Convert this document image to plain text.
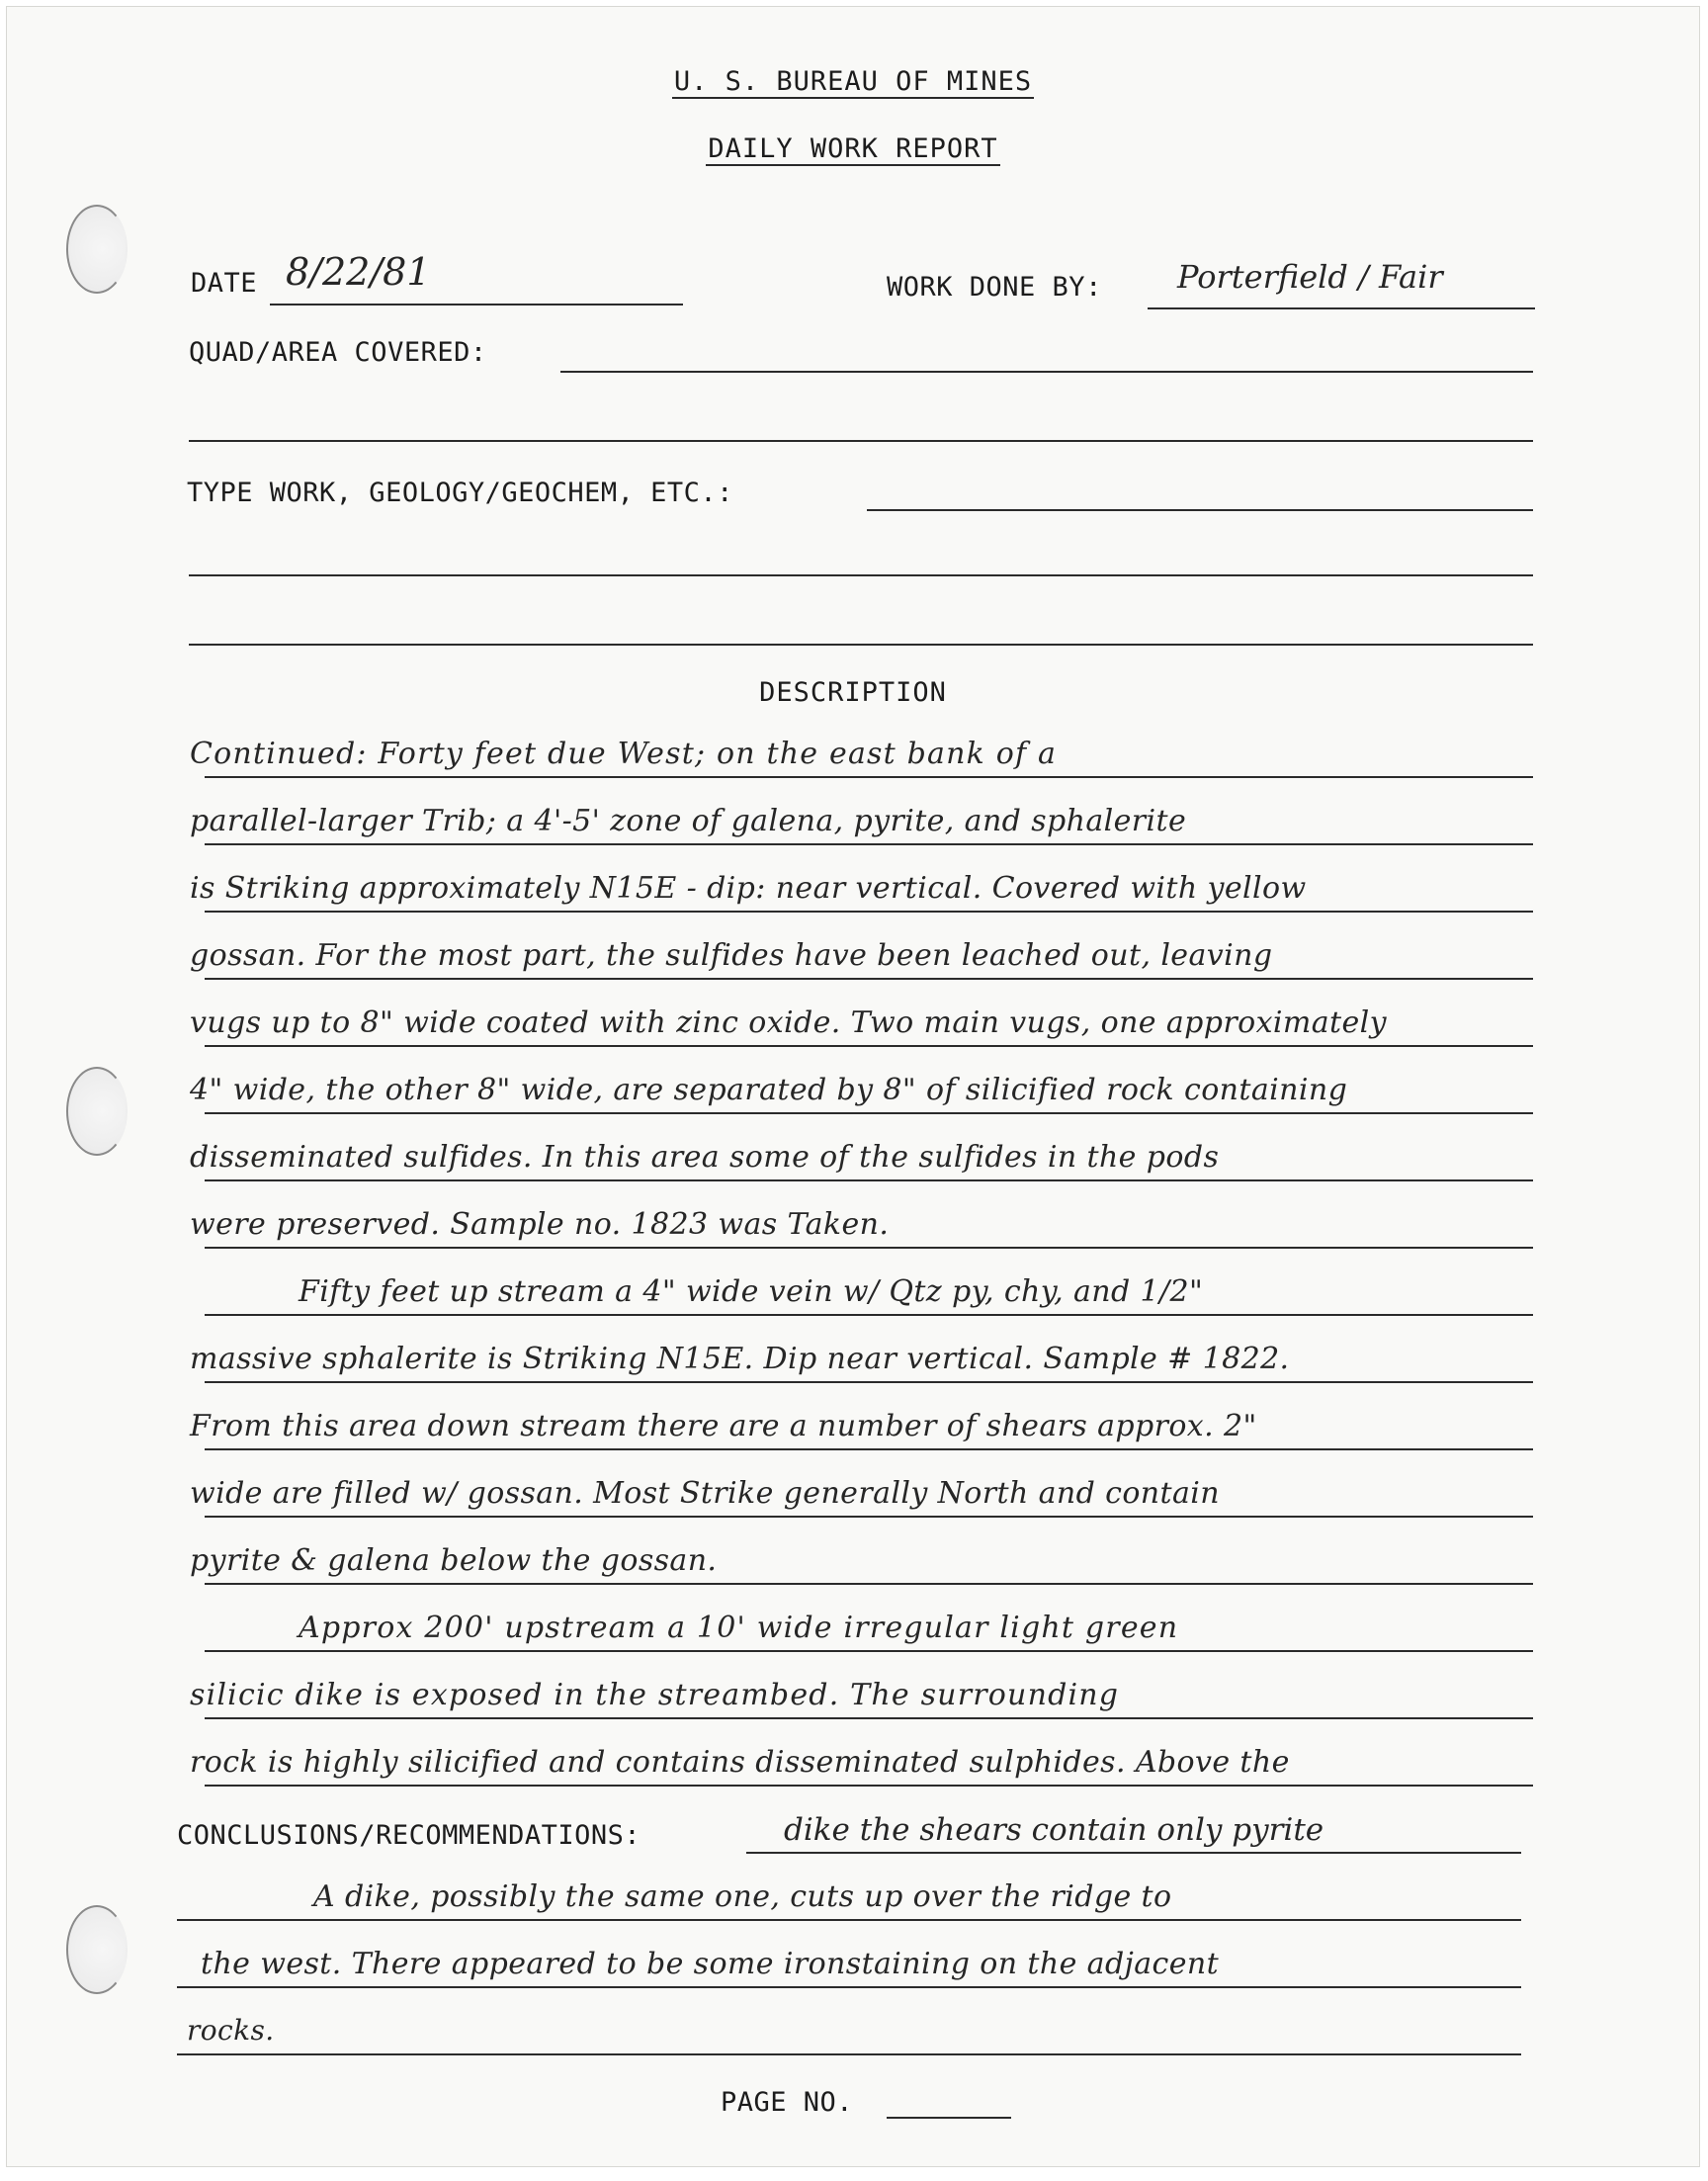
U. S. BUREAU OF MINES
DAILY WORK REPORT
DATE 8/22/81	WORK DONE BY: Porterfield / Fair
QUAD/AREA COVERED:
TYPE WORK, GEOLOGY/GEOCHEM, ETC.:
DESCRIPTION
Continued: Forty feet due West; on the east bank of a
parallel-larger Trib; a 4'-5' zone of galena, pyrite, and sphalerite
is Striking approximately N15E - dip: near vertical. Covered with yellow
gossan. For the most part, the sulfides have been leached out, leaving
vugs up to 8" wide coated with zinc oxide. Two main vugs, one approximately
4" wide, the other 8" wide, are separated by 8" of silicified rock containing
disseminated sulfides. In this area some of the sulfides in the pods
were preserved. Sample no. 1823 was Taken.
Fifty feet up stream a 4" wide vein w/ Qtz py, chy, and 1/2"
massive sphalerite is Striking N15E. Dip near vertical. Sample # 1822.
From this area down stream there are a number of shears approx. 2"
wide are filled w/ gossan. Most Strike generally North and contain
pyrite & galena below the gossan.
Approx 200' upstream a 10' wide irregular light green
silicic dike is exposed in the streambed. The surrounding
rock is highly silicified and contains disseminated sulphides. Above the
CONCLUSIONS/RECOMMENDATIONS:	dike the shears contain only pyrite
A dike, possibly the same one, cuts up over the ridge to
the west. There appeared to be some ironstaining on the adjacent
rocks.
PAGE NO.
